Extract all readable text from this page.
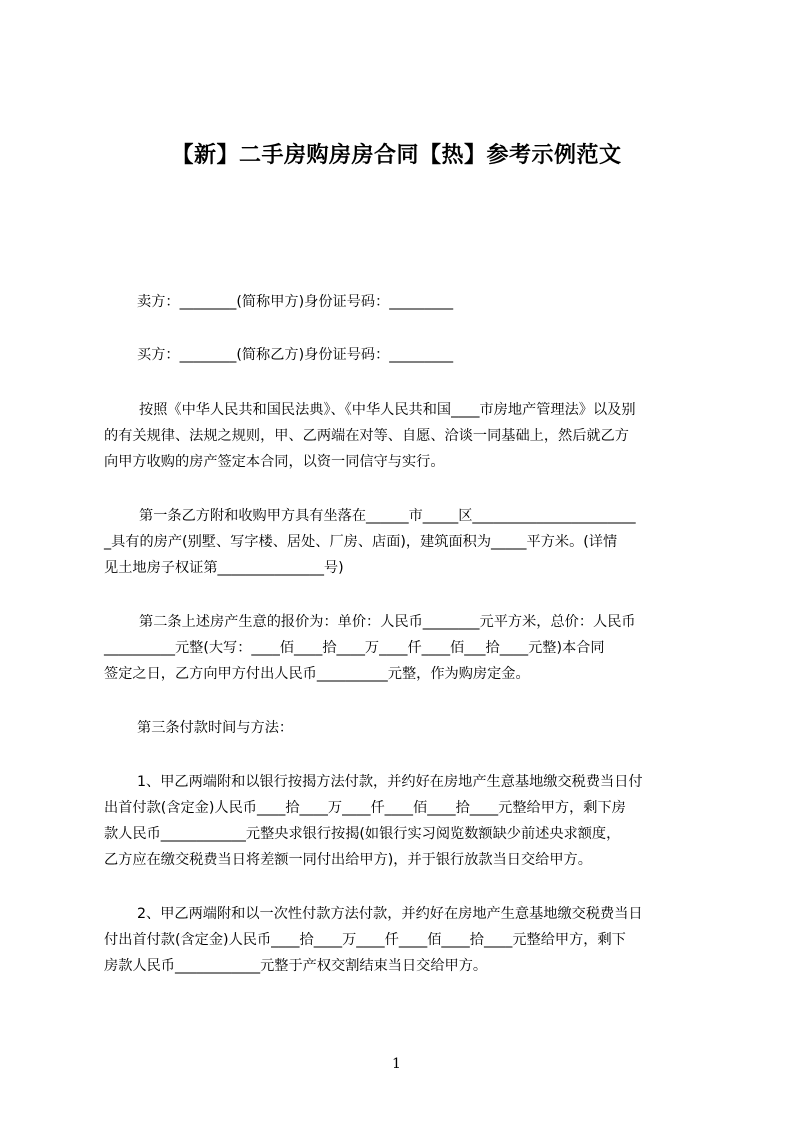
【新】二手房购房房合同【热】参考示例范文
卖方：________(简称甲方)身份证号码：_________
买方：________(简称乙方)身份证号码：_________
按照《中华人民共和国民法典》、《中华人民共和国____市房地产管理法》以及别
的有关规律、法规之规则，甲、乙两端在对等、自愿、洽谈一同基础上，然后就乙方
向甲方收购的房产签定本合同，以资一同信守与实行。
第一条乙方附和收购甲方具有坐落在______市_____区_______________________
_具有的房产(别墅、写字楼、居处、厂房、店面)，建筑面积为_____平方米。(详情
见土地房子权证第_______________号)
第二条上述房产生意的报价为：单价：人民币________元平方米，总价：人民币
__________元整(大写：____佰____拾____万____仟____佰___拾____元整)本合同
签定之日，乙方向甲方付出人民币__________元整，作为购房定金。
第三条付款时间与方法：
1、甲乙两端附和以银行按揭方法付款，并约好在房地产生意基地缴交税费当日付
出首付款(含定金)人民币____拾____万____仟____佰____拾____元整给甲方，剩下房
款人民币____________元整央求银行按揭(如银行实习阅览数额缺少前述央求额度，
乙方应在缴交税费当日将差额一同付出给甲方)，并于银行放款当日交给甲方。
2、甲乙两端附和以一次性付款方法付款，并约好在房地产生意基地缴交税费当日
付出首付款(含定金)人民币____拾____万____仟____佰____拾____元整给甲方，剩下
房款人民币____________元整于产权交割结束当日交给甲方。
1
